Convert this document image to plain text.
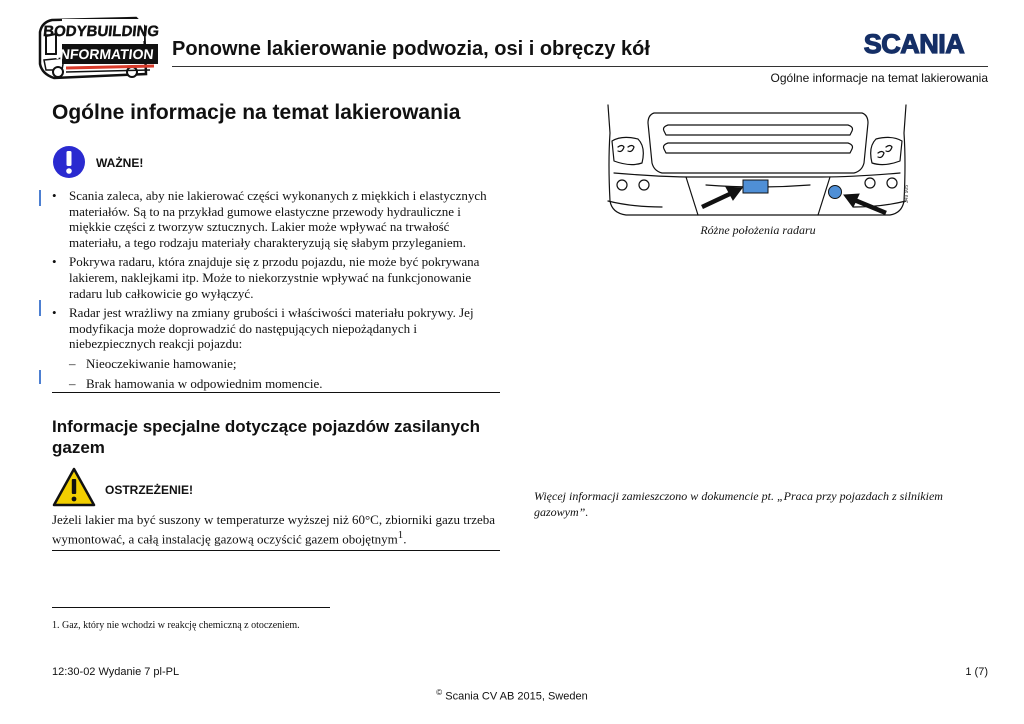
BODYBUILDING
INFORMATION Ponowne lakierowanie podwozia, osi i obręczy kół	SCANIA
Ogólne informacje na temat lakierowania
Ogólne informacje na temat lakierowania
WAŻNE!
• Scania zaleca, aby nie lakierować części wykonanych z miękkich i elastycznych materiałów. Są to na przykład gumowe elastyczne przewody hydrauliczne i miękkie części z tworzyw sztucznych. Lakier może wpływać na trwałość materiału, a tego rodzaju materiały charakteryzują się słabym przyleganiem.
• Pokrywa radaru, która znajduje się z przodu pojazdu, nie może być pokrywana lakierem, naklejkami itp. Może to niekorzystnie wpływać na funkcjonowanie radaru lub całkowicie go wyłączyć.
• Radar jest wrażliwy na zmiany grubości i właściwości materiału pokrywy. Jej modyfikacja może doprowadzić do następujących niepożądanych i niebezpiecznych reakcji pojazdu:
– Nieoczekiwanie hamowanie;
– Brak hamowania w odpowiednim momencie.
Informacje specjalne dotyczące pojazdów zasilanych gazem
OSTRZEŻENIE!
Jeżeli lakier ma być suszony w temperaturze wyższej niż 60°C, zbiorniki gazu trzeba wymontować, a całą instalację gazową oczyścić gazem obojętnym$^1$.
1. Gaz, który nie wchodzi w reakcję chemiczną z otoczeniem.
349 905
Różne położenia radaru
Więcej informacji zamieszczono w dokumencie pt. „Praca przy pojazdach z silnikiem gazowym”.
12:30-02 Wydanie 7 pl-PL	1 (7)
© Scania CV AB 2015, Sweden
